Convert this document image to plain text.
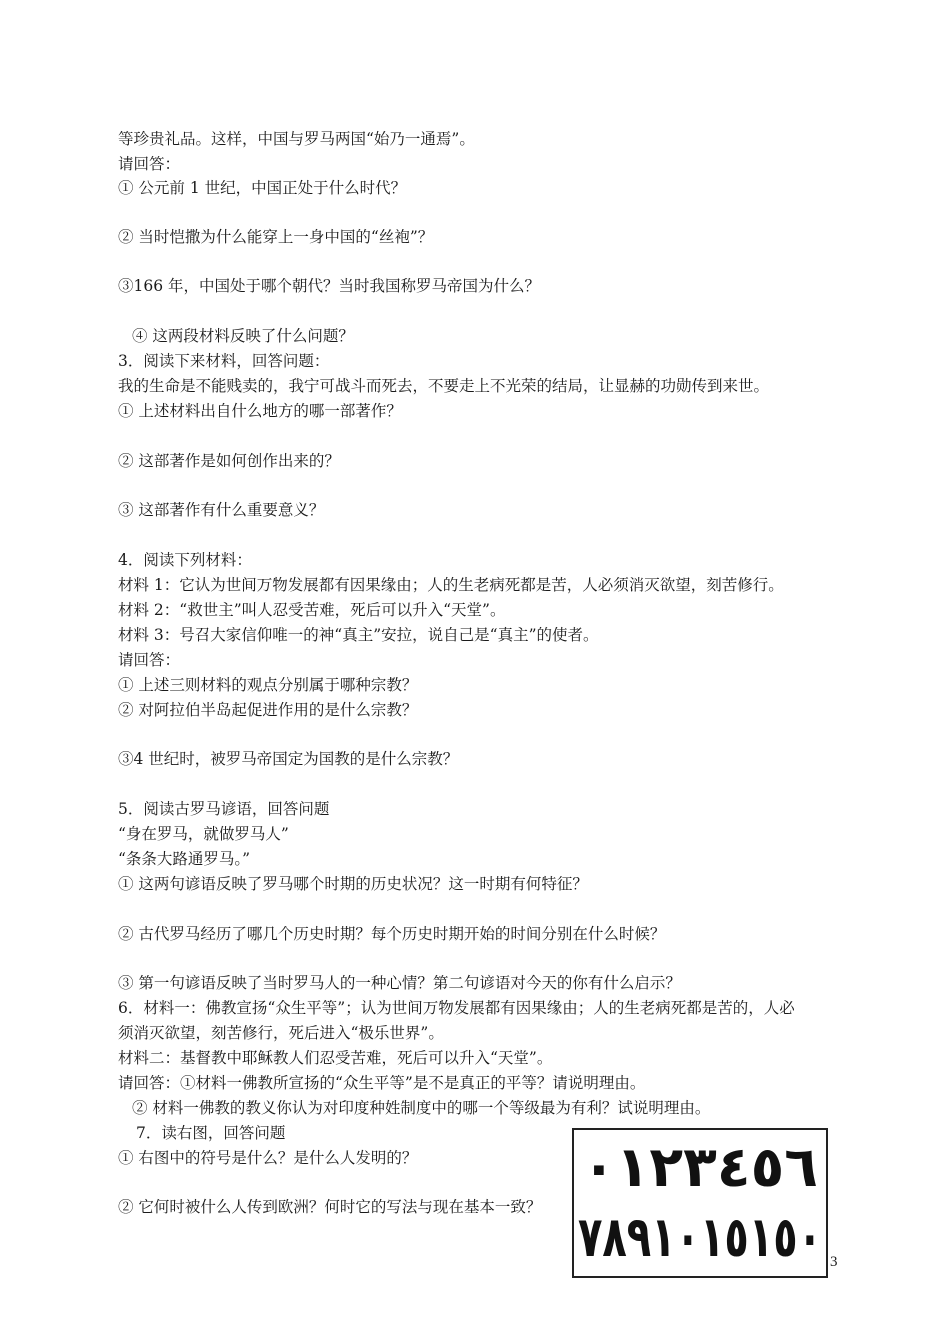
等珍贵礼品。这样，中国与罗马两国“始乃一通焉”。
请回答：
① 公元前 1 世纪，中国正处于什么时代？
② 当时恺撒为什么能穿上一身中国的“丝袍”？
③166 年，中国处于哪个朝代？当时我国称罗马帝国为什么？
④ 这两段材料反映了什么问题？
3．阅读下来材料，回答问题：
我的生命是不能贱卖的，我宁可战斗而死去，不要走上不光荣的结局，让显赫的功勋传到来世。
① 上述材料出自什么地方的哪一部著作？
② 这部著作是如何创作出来的？
③ 这部著作有什么重要意义？
4．阅读下列材料：
材料 1：它认为世间万物发展都有因果缘由；人的生老病死都是苦，人必须消灭欲望，刻苦修行。
材料 2：“救世主”叫人忍受苦难，死后可以升入“天堂”。
材料 3：号召大家信仰唯一的神“真主”安拉，说自己是“真主”的使者。
请回答：
① 上述三则材料的观点分别属于哪种宗教？
② 对阿拉伯半岛起促进作用的是什么宗教？
③4 世纪时，被罗马帝国定为国教的是什么宗教？
5．阅读古罗马谚语，回答问题
“身在罗马，就做罗马人”
“条条大路通罗马。”
① 这两句谚语反映了罗马哪个时期的历史状况？这一时期有何特征？
② 古代罗马经历了哪几个历史时期？每个历史时期开始的时间分别在什么时候？
③ 第一句谚语反映了当时罗马人的一种心情？第二句谚语对今天的你有什么启示？
6．材料一：佛教宣扬“众生平等”；认为世间万物发展都有因果缘由；人的生老病死都是苦的，人必
须消灭欲望，刻苦修行，死后进入“极乐世界”。
材料二：基督教中耶稣教人们忍受苦难，死后可以升入“天堂”。
请回答：①材料一佛教所宣扬的“众生平等”是不是真正的平等？请说明理由。
② 材料一佛教的教义你认为对印度种姓制度中的哪一个等级最为有利？试说明理由。
7．读右图，回答问题
① 右图中的符号是什么？是什么人发明的？
② 它何时被什么人传到欧洲？何时它的写法与现在基本一致？
٠١٢٣٤٥٦
٧٨٩١٠١٥١٥٠ 3
